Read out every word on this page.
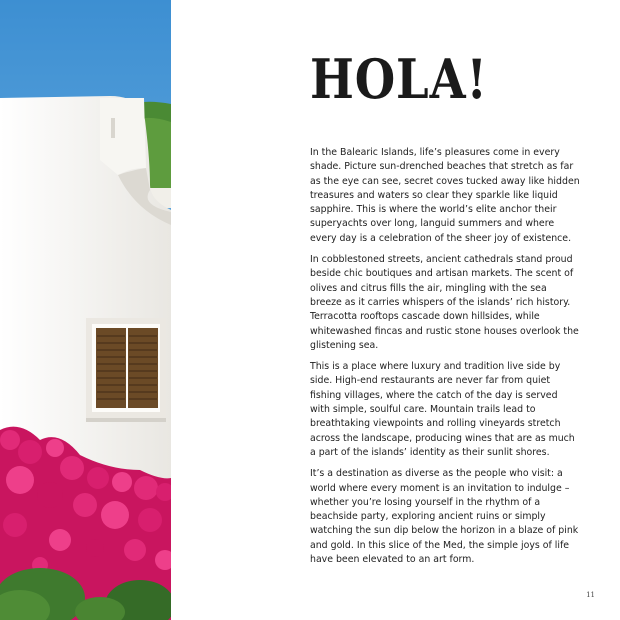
HOLA!

In the Balearic Islands, life’s pleasures come in every shade. Picture sun-drenched beaches that stretch as far as the eye can see, secret coves tucked away like hidden treasures and waters so clear they sparkle like liquid sapphire. This is where the world’s elite anchor their superyachts over long, languid summers and where every day is a celebration of the sheer joy of existence.

In cobblestoned streets, ancient cathedrals stand proud beside chic boutiques and artisan markets. The scent of olives and citrus fills the air, mingling with the sea breeze as it carries whispers of the islands’ rich history. Terracotta rooftops cascade down hillsides, while whitewashed fincas and rustic stone houses overlook the glistening sea.

This is a place where luxury and tradition live side by side. High-end restaurants are never far from quiet fishing villages, where the catch of the day is served with simple, soulful care. Mountain trails lead to breathtaking viewpoints and rolling vineyards stretch across the landscape, producing wines that are as much a part of the islands’ identity as their sunlit shores.

It’s a destination as diverse as the people who visit: a world where every moment is an invitation to indulge –whether you’re losing yourself in the rhythm of a beachside party, exploring ancient ruins or simply watching the sun dip below the horizon in a blaze of pink and gold. In this slice of the Med, the simple joys of life have been elevated to an art form.

11
